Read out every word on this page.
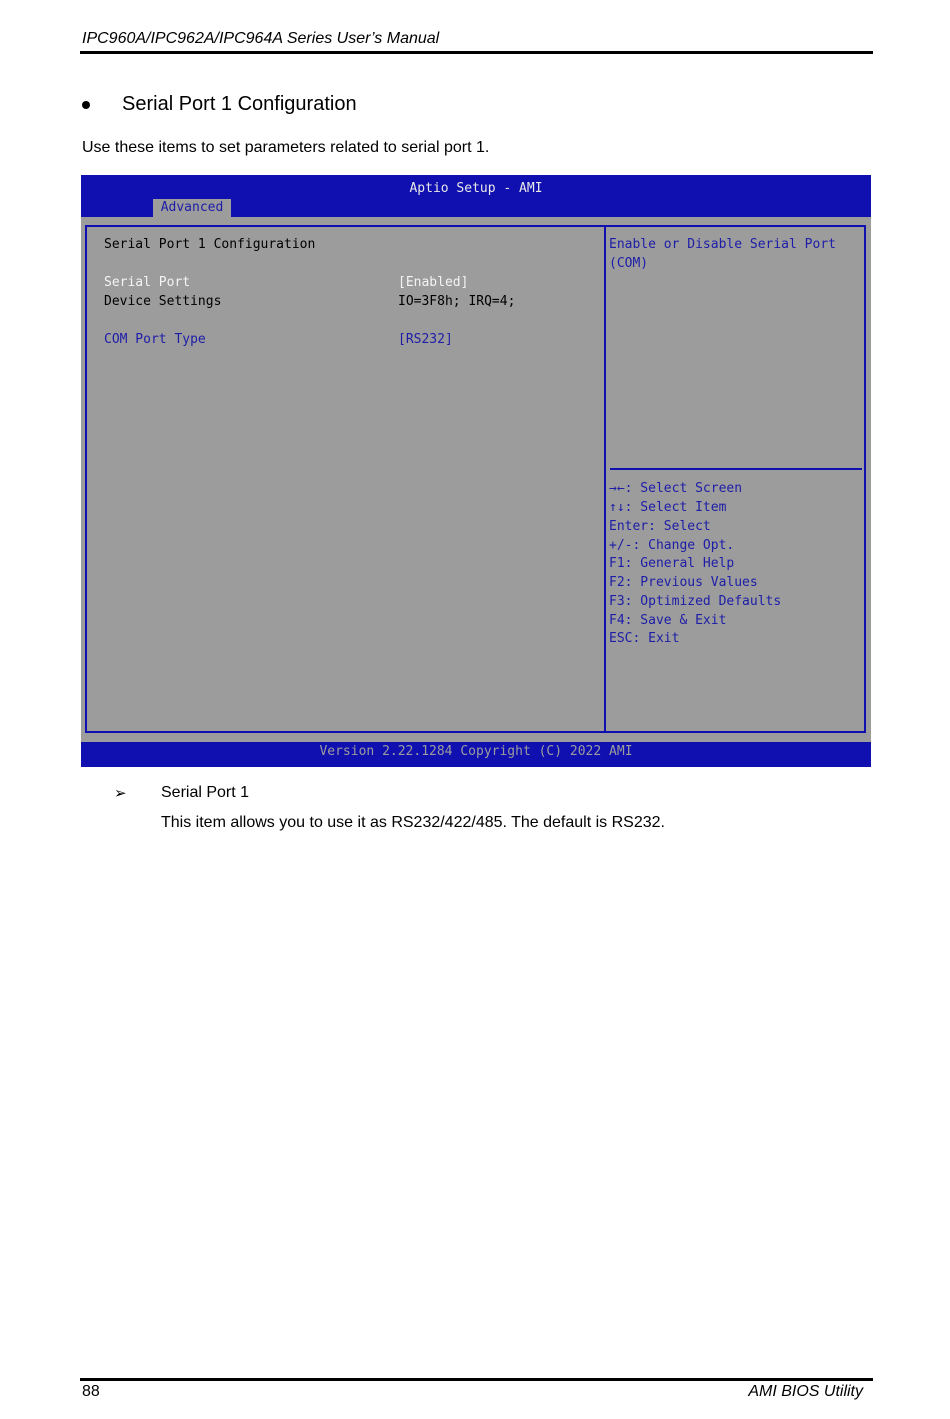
IPC960A/IPC962A/IPC964A Series User’s Manual
Serial Port 1 Configuration
Use these items to set parameters related to serial port 1.
Aptio Setup - AMI
Advanced
Serial Port 1 Configuration
Serial Port	[Enabled]
Device Settings	IO=3F8h; IRQ=4;
COM Port Type	[RS232]
Enable or Disable Serial Port
(COM)
→←: Select Screen
↑↓: Select Item
Enter: Select
+/-: Change Opt.
F1: General Help
F2: Previous Values
F3: Optimized Defaults
F4: Save & Exit
ESC: Exit
Version 2.22.1284 Copyright (C) 2022 AMI
➢ Serial Port 1
This item allows you to use it as RS232/422/485. The default is RS232.
88	AMI BIOS Utility
